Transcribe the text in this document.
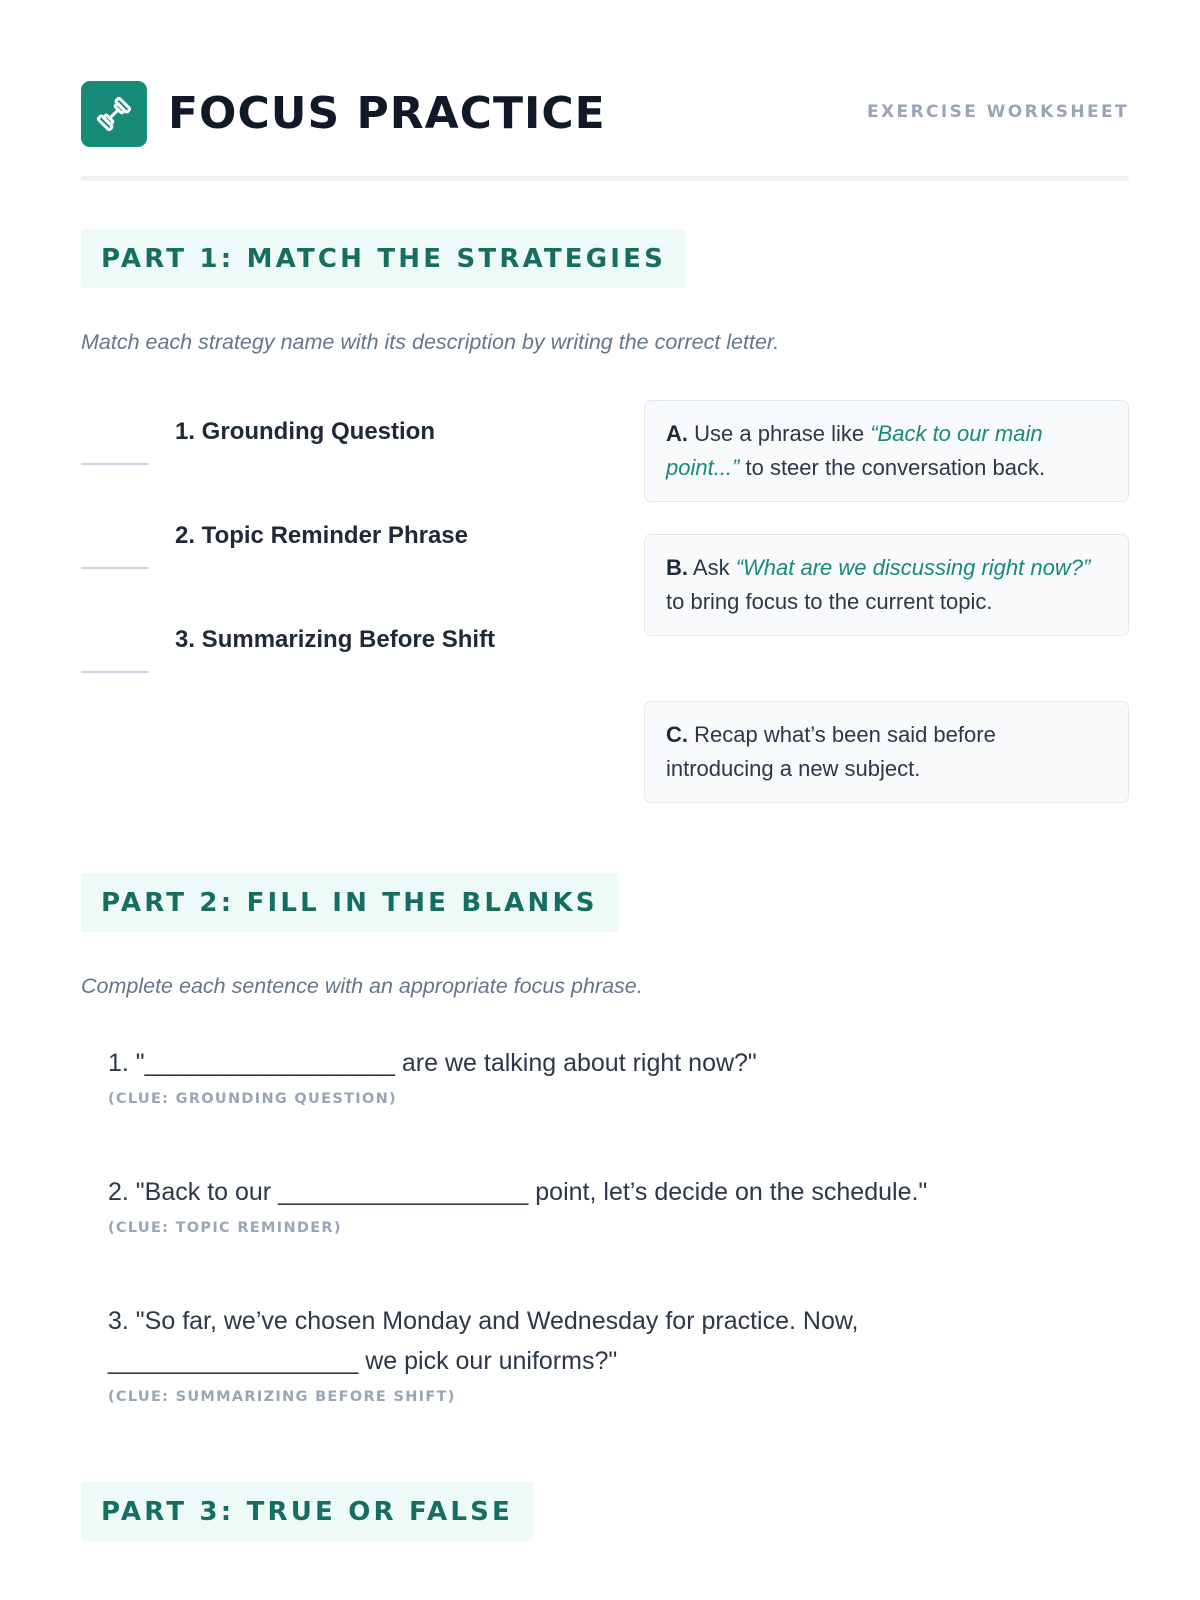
FOCUS PRACTICE	EXERCISE WORKSHEET
PART 1: MATCH THE STRATEGIES
Match each strategy name with its description by writing the correct letter.
1. Grounding Question
2. Topic Reminder Phrase
3. Summarizing Before Shift
A. Use a phrase like “Back to our main point...” to steer the conversation back.
B. Ask “What are we discussing right now?” to bring focus to the current topic.
C. Recap what’s been said before introducing a new subject.
PART 2: FILL IN THE BLANKS
Complete each sentence with an appropriate focus phrase.
1. "__________________ are we talking about right now?"
(CLUE: GROUNDING QUESTION)
2. "Back to our __________________ point, let’s decide on the schedule."
(CLUE: TOPIC REMINDER)
3. "So far, we’ve chosen Monday and Wednesday for practice. Now, __________________ we pick our uniforms?"
(CLUE: SUMMARIZING BEFORE SHIFT)
PART 3: TRUE OR FALSE
